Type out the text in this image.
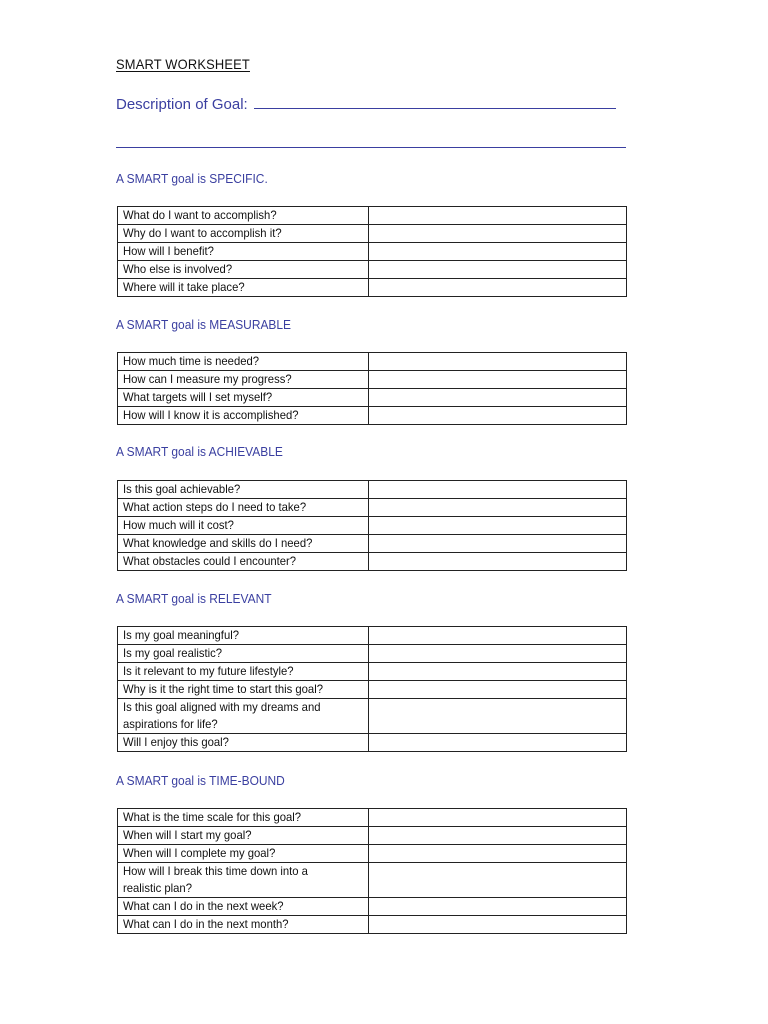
SMART WORKSHEET
Description of Goal:
A SMART goal is SPECIFIC.
What do I want to accomplish?	
Why do I want to accomplish it?	
How will I benefit?	
Who else is involved?	
Where will it take place?	
A SMART goal is MEASURABLE
How much time is needed?	
How can I measure my progress?	
What targets will I set myself?	
How will I know it is accomplished?	
A SMART goal is ACHIEVABLE
Is this goal achievable?	
What action steps do I need to take?	
How much will it cost?	
What knowledge and skills do I need?	
What obstacles could I encounter?	
A SMART goal is RELEVANT
Is my goal meaningful?	
Is my goal realistic?	
Is it relevant to my future lifestyle?	
Why is it the right time to start this goal?	
Is this goal aligned with my dreams and aspirations for life?	
Will I enjoy this goal?	
A SMART goal is TIME-BOUND
What is the time scale for this goal?	
When will I start my goal?	
When will I complete my goal?	
How will I break this time down into a realistic plan?	
What can I do in the next week?	
What can I do in the next month?	
